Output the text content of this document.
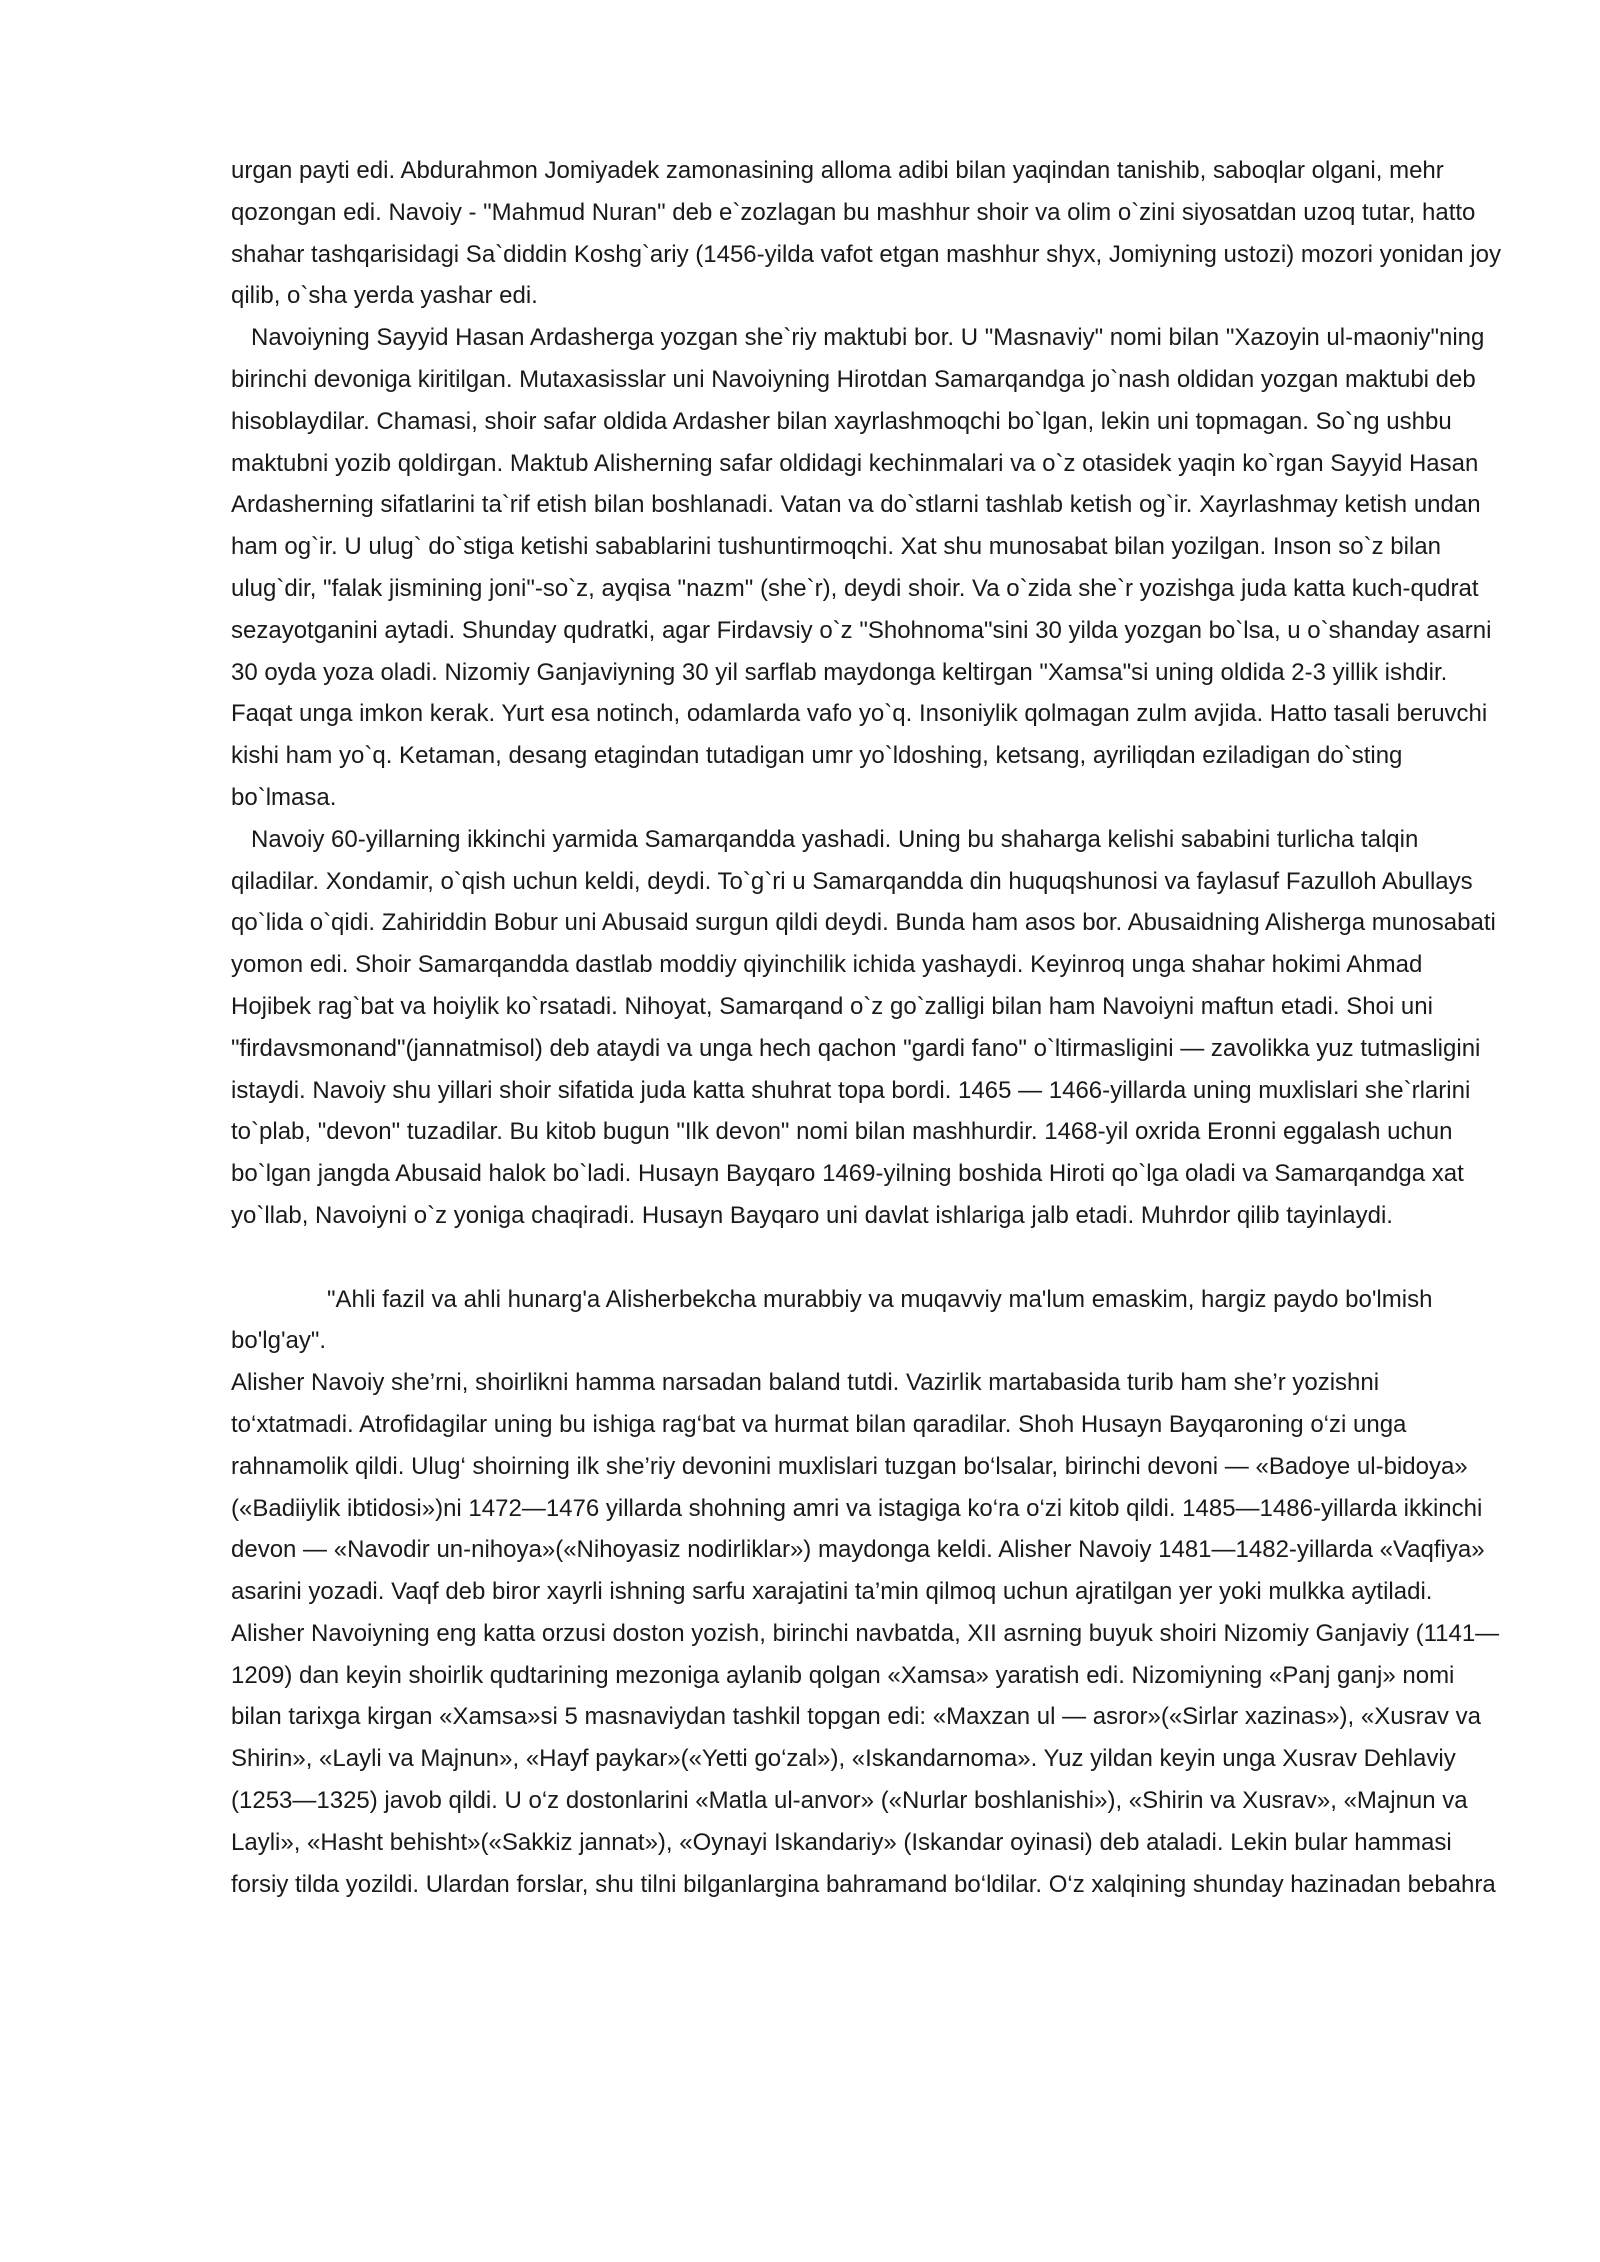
urgan payti edi. Abdurahmon Jomiyadek zamonasining alloma adibi bilan yaqindan tanishib, saboqlar olgani, mehr qozongan edi. Navoiy - "Mahmud Nuran" deb e`zozlagan bu mashhur shoir va olim o`zini siyosatdan uzoq tutar, hatto shahar tashqarisidagi Sa`diddin Koshg`ariy (1456-yilda vafot etgan mashhur shyx, Jomiyning ustozi) mozori yonidan joy qilib, o`sha yerda yashar edi.

Navoiyning Sayyid Hasan Ardasherga yozgan she`riy maktubi bor. U "Masnaviy" nomi bilan "Xazoyin ul-maoniy"ning birinchi devoniga kiritilgan. Mutaxasisslar uni Navoiyning Hirotdan Samarqandga jo`nash oldidan yozgan maktubi deb hisoblaydilar. Chamasi, shoir safar oldida Ardasher bilan xayrlashmoqchi bo`lgan, lekin uni topmagan. So`ng ushbu maktubni yozib qoldirgan. Maktub Alisherning safar oldidagi kechinmalari va o`z otasidek yaqin ko`rgan Sayyid Hasan Ardasherning sifatlarini ta`rif etish bilan boshlanadi. Vatan va do`stlarni tashlab ketish og`ir. Xayrlashmay ketish undan ham og`ir. U ulug` do`stiga ketishi sabablarini tushuntirmoqchi. Xat shu munosabat bilan yozilgan. Inson so`z bilan ulug`dir, "falak jismining joni"-so`z, ayqisa "nazm" (she`r), deydi shoir. Va o`zida she`r yozishga juda katta kuch-qudrat sezayotganini aytadi. Shunday qudratki, agar Firdavsiy o`z "Shohnoma"sini 30 yilda yozgan bo`lsa, u o`shanday asarni 30 oyda yoza oladi. Nizomiy Ganjaviyning 30 yil sarflab maydonga keltirgan "Xamsa"si uning oldida 2-3 yillik ishdir. Faqat unga imkon kerak. Yurt esa notinch, odamlarda vafo yo`q. Insoniylik qolmagan zulm avjida. Hatto tasali beruvchi kishi ham yo`q. Ketaman, desang etagindan tutadigan umr yo`ldoshing, ketsang, ayriliqdan eziladigan do`sting bo`lmasa.

Navoiy 60-yillarning ikkinchi yarmida Samarqandda yashadi. Uning bu shaharga kelishi sababini turlicha talqin qiladilar. Xondamir, o`qish uchun keldi, deydi. To`g`ri u Samarqandda din huquqshunosi va faylasuf Fazulloh Abullays qo`lida o`qidi. Zahiriddin Bobur uni Abusaid surgun qildi deydi. Bunda ham asos bor. Abusaidning Alisherga munosabati yomon edi. Shoir Samarqandda dastlab moddiy qiyinchilik ichida yashaydi. Keyinroq unga shahar hokimi Ahmad Hojibek rag`bat va hoiylik ko`rsatadi. Nihoyat, Samarqand o`z go`zalligi bilan ham Navoiyni maftun etadi. Shoi uni "firdavsmonand"(jannatmisol) deb ataydi va unga hech qachon "gardi fano" o`ltirmasligini — zavolikka yuz tutmasligini istaydi. Navoiy shu yillari shoir sifatida juda katta shuhrat topa bordi. 1465 — 1466-yillarda uning muxlislari she`rlarini to`plab, "devon" tuzadilar. Bu kitob bugun "Ilk devon" nomi bilan mashhurdir. 1468-yil oxrida Eronni eggalash uchun bo`lgan jangda Abusaid halok bo`ladi. Husayn Bayqaro 1469-yilning boshida Hiroti qo`lga oladi va Samarqandga xat yo`llab, Navoiyni o`z yoniga chaqiradi. Husayn Bayqaro uni davlat ishlariga jalb etadi. Muhrdor qilib tayinlaydi.

"Ahli fazil va ahli hunarg'a Alisherbekcha murabbiy va muqavviy ma'lum emaskim, hargiz paydo bo'lmish bo'lg'ay".

Alisher Navoiy she’rni, shoirlikni hamma narsadan baland tutdi. Vazirlik martabasida turib ham she’r yozishni to‘xtatmadi. Atrofidagilar uning bu ishiga rag‘bat va hurmat bilan qaradilar. Shoh Husayn Bayqaroning o‘zi unga rahnamolik qildi. Ulug‘ shoirning ilk she’riy devonini muxlislari tuzgan bo‘lsalar, birinchi devoni — «Badoye ul-bidoya» («Badiiylik ibtidosi»)ni 1472—1476 yillarda shohning amri va istagiga ko‘ra o‘zi kitob qildi. 1485—1486-yillarda ikkinchi devon — «Navodir un-nihoya»(«Nihoyasiz nodirliklar») maydonga keldi. Alisher Navoiy 1481—1482-yillarda «Vaqfiya» asarini yozadi. Vaqf deb biror xayrli ishning sarfu xarajatini ta’min qilmoq uchun ajratilgan yer yoki mulkka aytiladi. Alisher Navoiyning eng katta orzusi doston yozish, birinchi navbatda, XII asrning buyuk shoiri Nizomiy Ganjaviy (1141—1209) dan keyin shoirlik qudtarining mezoniga aylanib qolgan «Xamsa» yaratish edi. Nizomiyning «Panj ganj» nomi bilan tarixga kirgan «Xamsa»si 5 masnaviydan tashkil topgan edi: «Maxzan ul — asror»(«Sirlar xazinas»), «Xusrav va Shirin», «Layli va Majnun», «Hayf paykar»(«Yetti go‘zal»), «Iskandarnoma». Yuz yildan keyin unga Xusrav Dehlaviy (1253—1325) javob qildi. U o‘z dostonlarini «Matla ul-anvor» («Nurlar boshlanishi»), «Shirin va Xusrav», «Majnun va Layli», «Hasht behisht»(«Sakkiz jannat»), «Oynayi Iskandariy» (Iskandar oyinasi) deb ataladi. Lekin bular hammasi forsiy tilda yozildi. Ulardan forslar, shu tilni bilganlargina bahramand bo‘ldilar. O‘z xalqining shunday hazinadan bebahra
